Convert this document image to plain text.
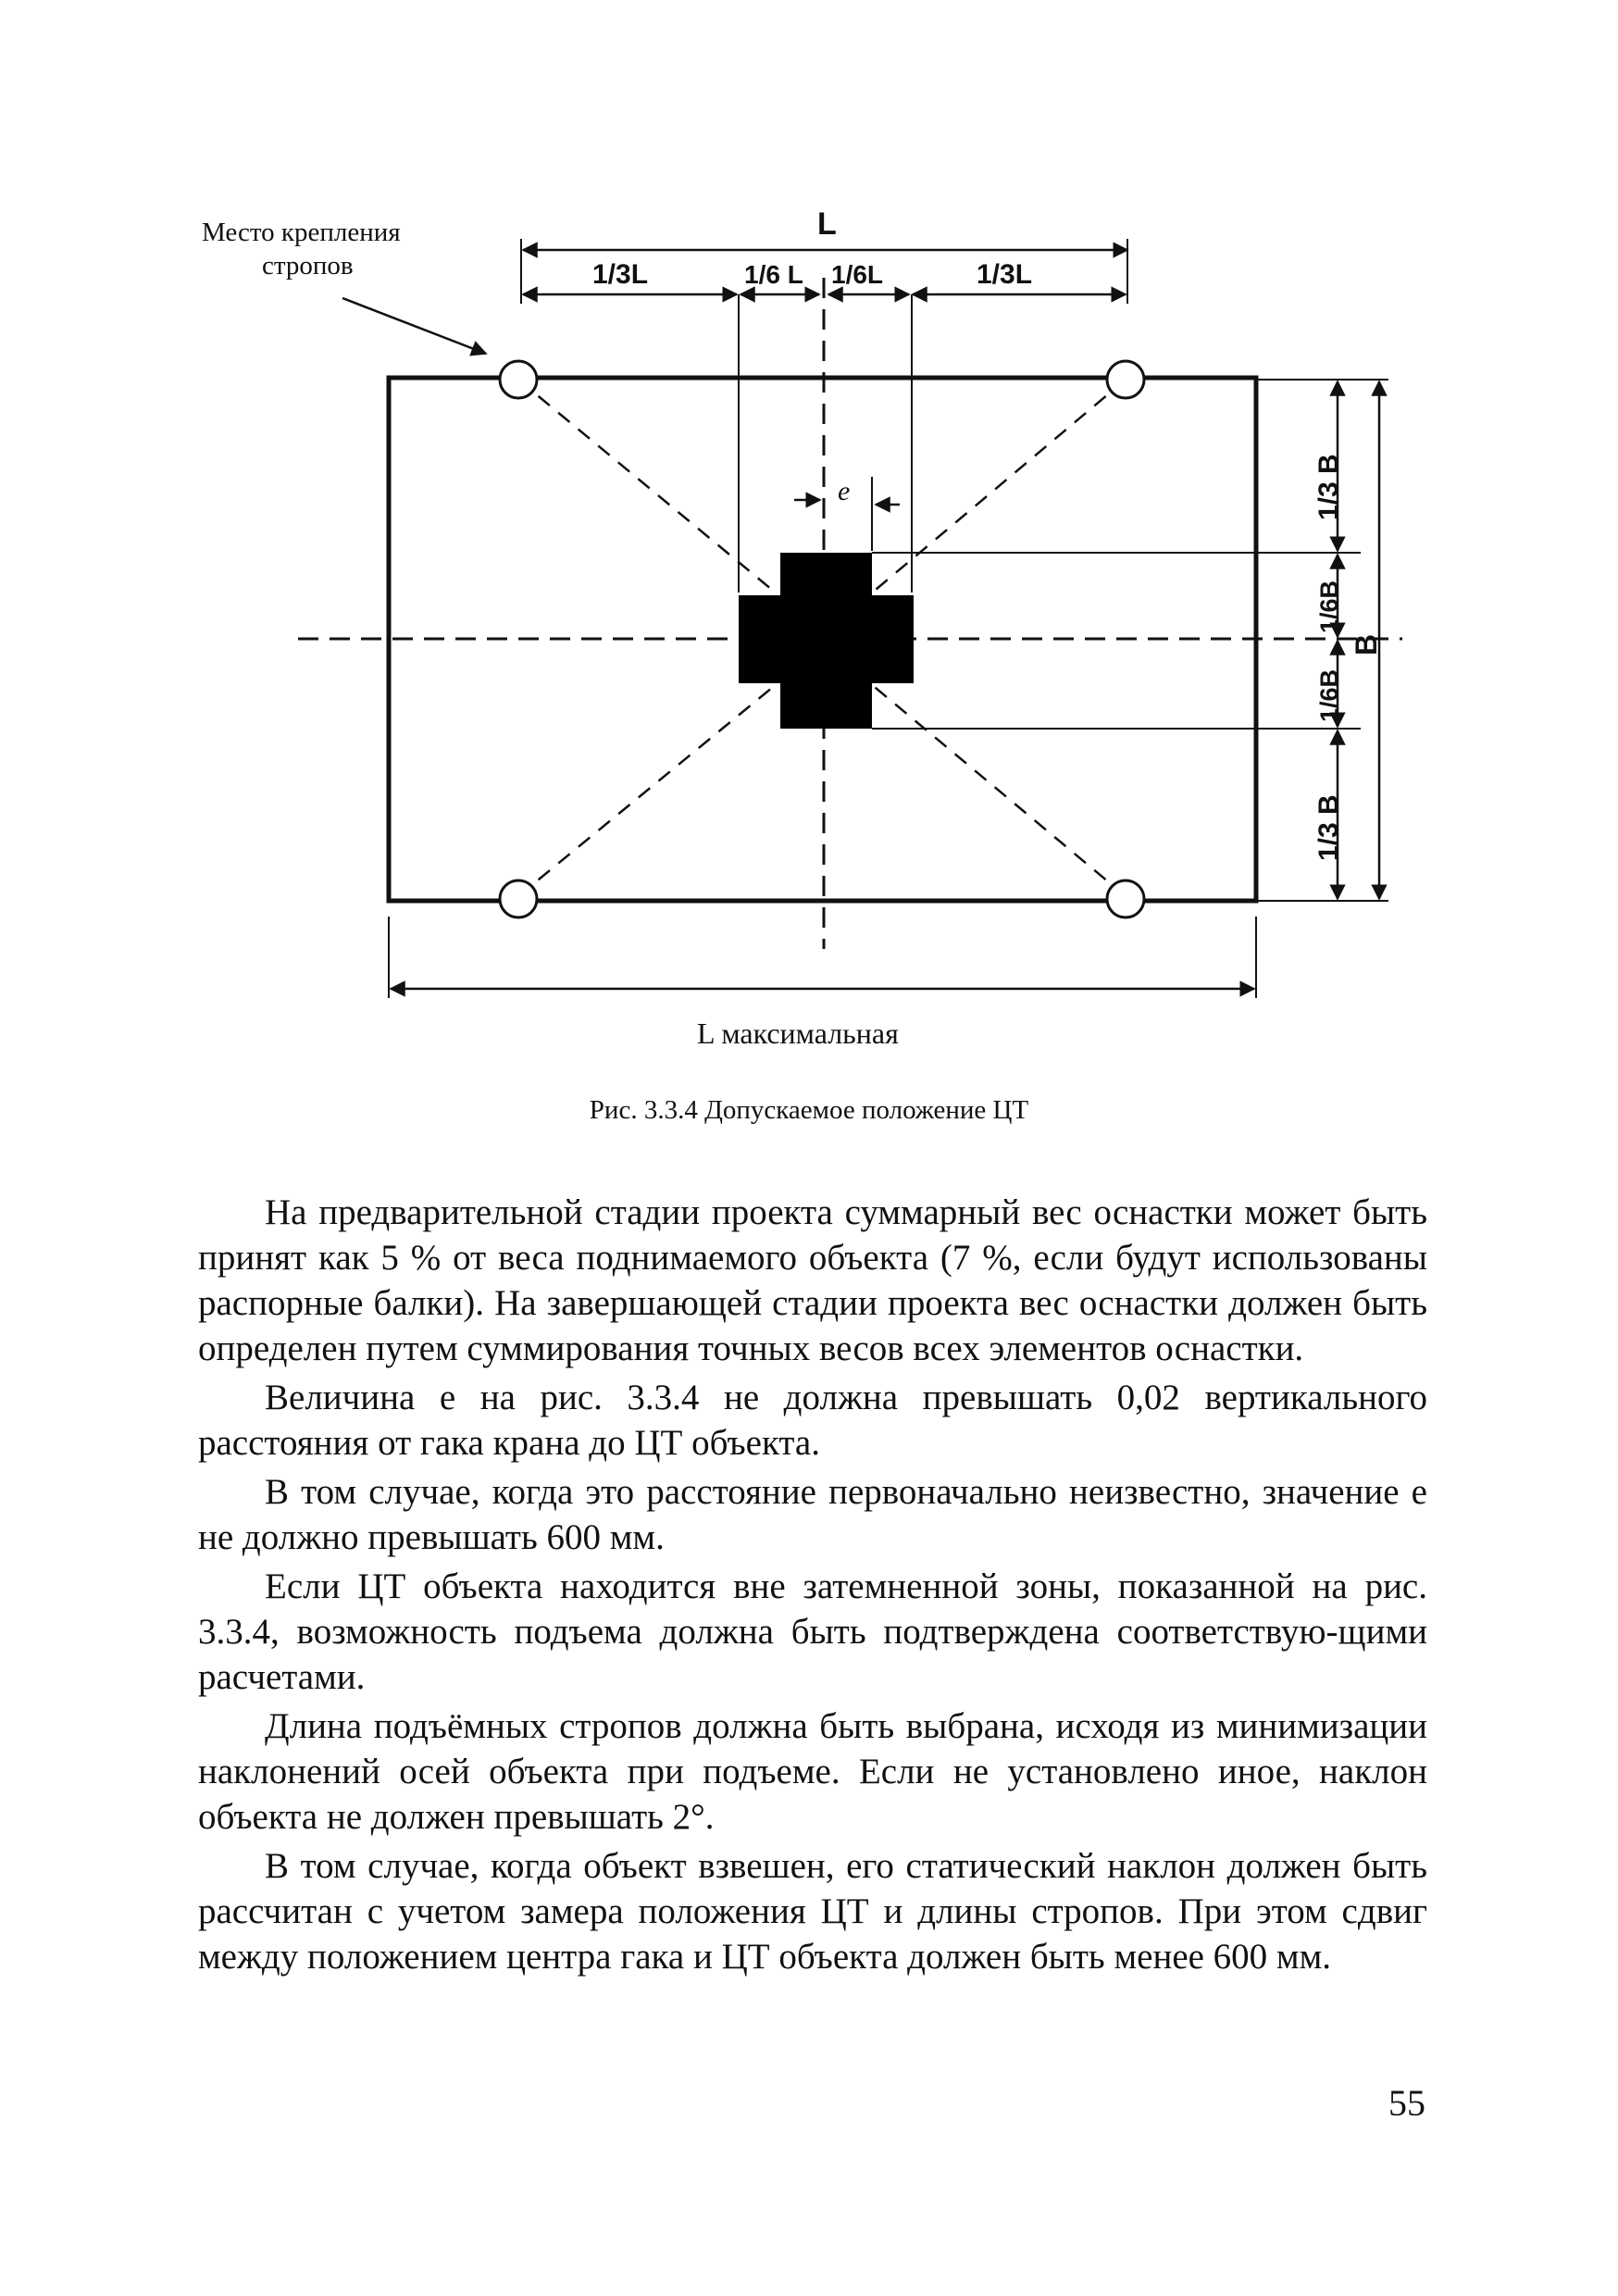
Место крепления
стропов
L
1/3L	1/6 L 1/6L	1/3L
e	1/3 B
1/6B
1/6B
1/3 B
B
L максимальная
Рис. 3.3.4 Допускаемое положение ЦТ

На предварительной стадии проекта суммарный вес оснастки может быть принят как 5 % от веса поднимаемого объекта (7 %, если будут использованы распорные балки). На завершающей стадии проекта вес оснастки должен быть определен путем суммирования точных весов всех элементов оснастки.

Величина e на рис. 3.3.4 не должна превышать 0,02 вертикального расстояния от гака крана до ЦТ объекта.

В том случае, когда это расстояние первоначально неизвестно, значение e не должно превышать 600 мм.

Если ЦТ объекта находится вне затемненной зоны, показанной на рис. 3.3.4, возможность подъема должна быть подтверждена соответствую-щими расчетами.

Длина подъёмных стропов должна быть выбрана, исходя из минимизации наклонений осей объекта при подъеме. Если не установлено иное, наклон объекта не должен превышать 2°.

В том случае, когда объект взвешен, его статический наклон должен быть рассчитан с учетом замера положения ЦТ и длины стропов. При этом сдвиг между положением центра гака и ЦТ объекта должен быть менее 600 мм.

55
